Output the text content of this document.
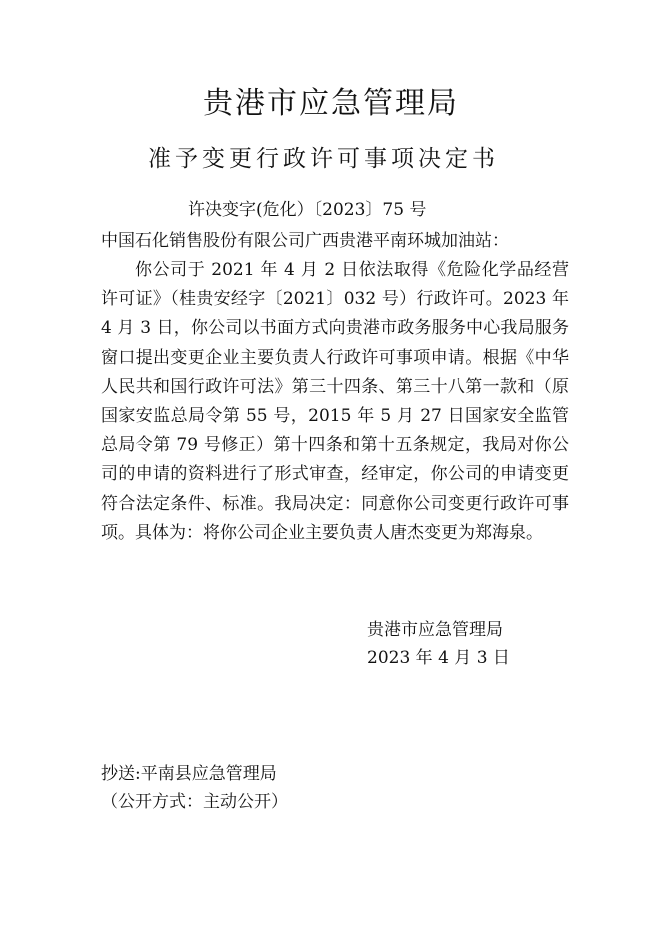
贵港市应急管理局
准予变更行政许可事项决定书
许决变字(危化）〔2023〕75 号
中国石化销售股份有限公司广西贵港平南环城加油站：

你公司于 2021 年 4 月 2 日依法取得《危险化学品经营许可证》（桂贵安经字〔2021〕032 号）行政许可。2023 年 4 月 3 日，你公司以书面方式向贵港市政务服务中心我局服务窗口提出变更企业主要负责人行政许可事项申请。根据《中华人民共和国行政许可法》第三十四条、第三十八第一款和（原国家安监总局令第 55 号，2015 年 5 月 27 日国家安全监管总局令第 79 号修正）第十四条和第十五条规定，我局对你公司的申请的资料进行了形式审查，经审定，你公司的申请变更符合法定条件、标准。我局决定：同意你公司变更行政许可事项。具体为：将你公司企业主要负责人唐杰变更为郑海泉。

贵港市应急管理局
2023 年 4 月 3 日
抄送:平南县应急管理局
（公开方式：主动公开）
